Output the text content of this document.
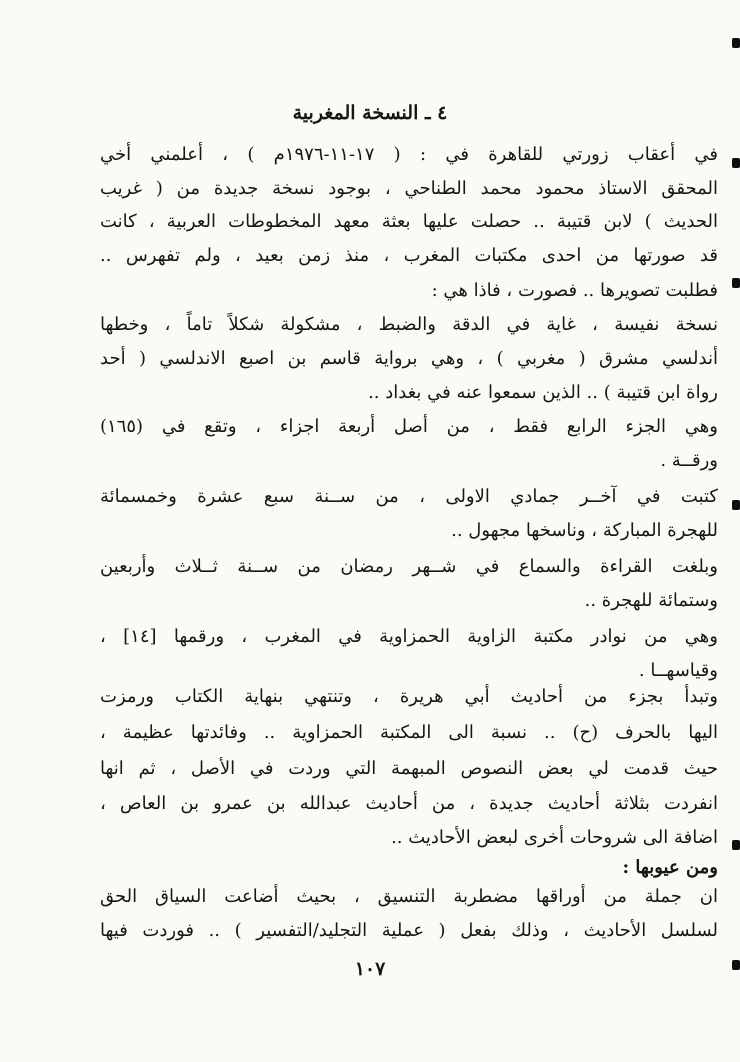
٤ ـ النسخة المغربية
في أعقاب زورتي للقاهرة في : ( ١٧-١١-١٩٧٦م ) ، أعلمني أخي
المحقق الاستاذ محمود محمد الطناحي ، بوجود نسخة جديدة من ( غريب
الحديث ) لابن قتيبة .. حصلت عليها بعثة معهد المخطوطات العربية ، كانت
قد صورتها من احدى مكتبات المغرب ، منذ زمن بعيد ، ولم تفهرس ..
فطلبت تصويرها .. فصورت ، فاذا هي :
نسخة نفيسة ، غاية في الدقة والضبط ، مشكولة شكلاً تاماً ، وخطها
أندلسي مشرق ( مغربي ) ، وهي برواية قاسم بن اصبع الاندلسي ( أحد
رواة ابن قتيبة ) .. الذين سمعوا عنه في بغداد ..
وهي الجزء الرابع فقط ، من أصل أربعة اجزاء ، وتقع في (١٦٥)
ورقــة .
كتبت في آخــر جمادي الاولى ، من ســنة سبع عشرة وخمسمائة
للهجرة المباركة ، وناسخها مجهول ..
وبلغت القراءة والسماع في شــهر رمضان من ســنة ثــلاث وأربعين
وستمائة للهجرة ..
وهي من نوادر مكتبة الزاوية الحمزاوية في المغرب ، ورقمها [١٤] ،
وقياسهــا .
وتبدأ بجزء من أحاديث أبي هريرة ، وتنتهي بنهاية الكتاب ورمزت
اليها بالحرف (ح) .. نسبة الى المكتبة الحمزاوية .. وفائدتها عظيمة ،
حيث قدمت لي بعض النصوص المبهمة التي وردت في الأصل ، ثم انها
انفردت بثلاثة أحاديث جديدة ، من أحاديث عبدالله بن عمرو بن العاص ،
اضافة الى شروحات أخرى لبعض الأحاديث ..
ومن عيوبها :
ان جملة من أوراقها مضطربة التنسيق ، بحيث أضاعت السياق الحق
لسلسل الأحاديث ، وذلك بفعل ( عملية التجليد/التفسير ) .. فوردت فيها
١٠٧
